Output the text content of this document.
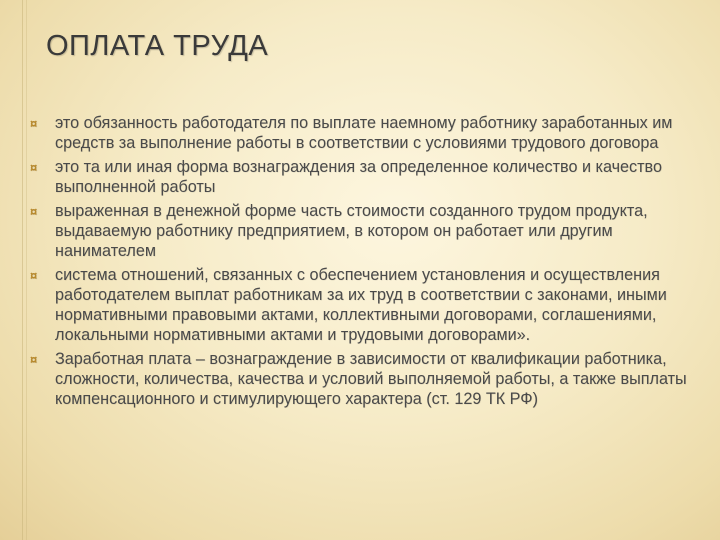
ОПЛАТА ТРУДА
¤ это обязанность работодателя по выплате наемному работнику заработанных им средств за выполнение работы в соответствии с условиями трудового договора
¤ это та или иная форма вознаграждения за определенное количество и качество выполненной работы
¤ выраженная в денежной форме часть стоимости созданного трудом продукта, выдаваемую работнику предприятием, в котором он работает или другим нанимателем
¤ система отношений, связанных с обеспечением установления и осуществления работодателем выплат работникам за их труд в соответствии с законами, иными нормативными правовыми актами, коллективными договорами, соглашениями, локальными нормативными актами и трудовыми договорами».
¤ Заработная плата – вознаграждение в зависимости от квалификации работника, сложности, количества, качества и условий выполняемой работы, а также выплаты компенсационного и стимулирующего характера (ст. 129 ТК РФ)
